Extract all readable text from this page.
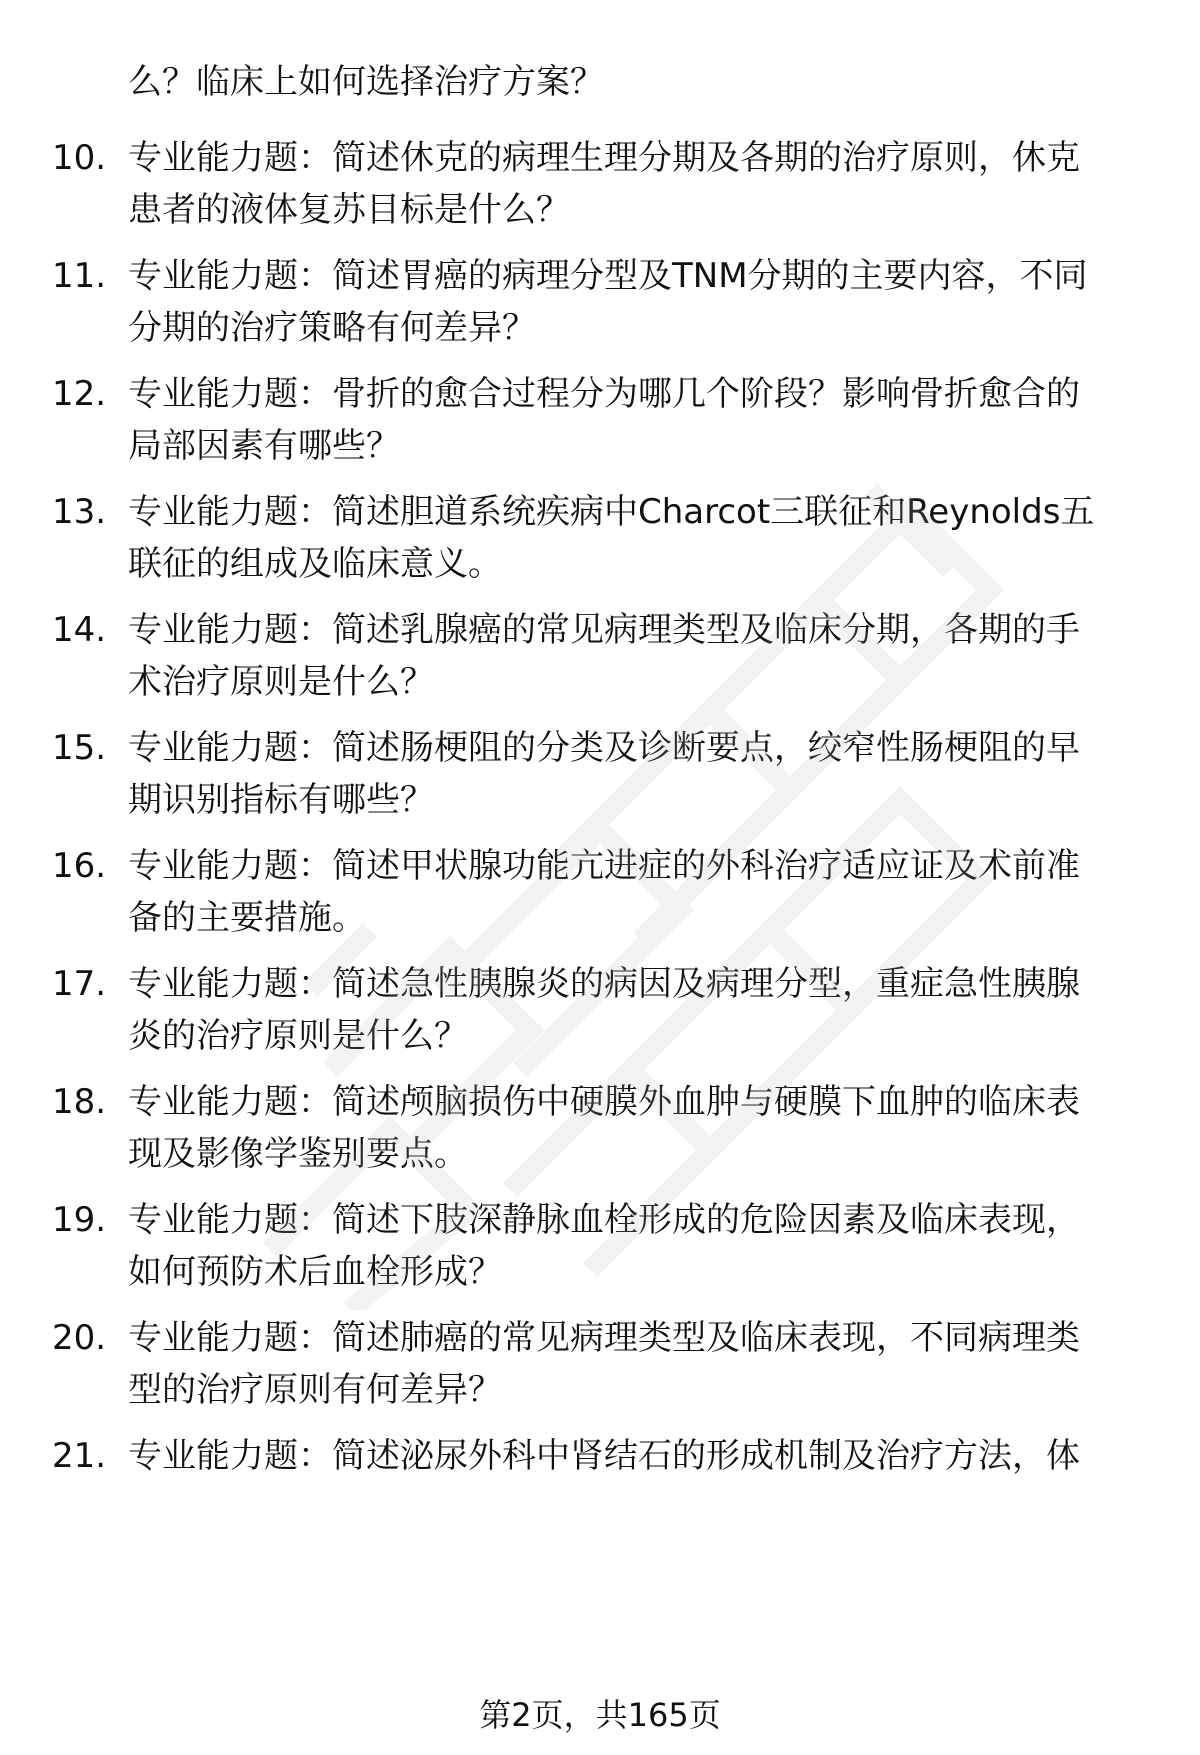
么？临床上如何选择治疗方案？
10. 专业能力题：简述休克的病理生理分期及各期的治疗原则，休克
患者的液体复苏目标是什么？
11. 专业能力题：简述胃癌的病理分型及TNM分期的主要内容，不同
分期的治疗策略有何差异？
12. 专业能力题：骨折的愈合过程分为哪几个阶段？影响骨折愈合的
局部因素有哪些？
13. 专业能力题：简述胆道系统疾病中Charcot三联征和Reynolds五
联征的组成及临床意义。
14. 专业能力题：简述乳腺癌的常见病理类型及临床分期，各期的手
术治疗原则是什么？
15. 专业能力题：简述肠梗阻的分类及诊断要点，绞窄性肠梗阻的早
期识别指标有哪些？
16. 专业能力题：简述甲状腺功能亢进症的外科治疗适应证及术前准
备的主要措施。
17. 专业能力题：简述急性胰腺炎的病因及病理分型，重症急性胰腺
炎的治疗原则是什么？
18. 专业能力题：简述颅脑损伤中硬膜外血肿与硬膜下血肿的临床表
现及影像学鉴别要点。
19. 专业能力题：简述下肢深静脉血栓形成的危险因素及临床表现，
如何预防术后血栓形成？
20. 专业能力题：简述肺癌的常见病理类型及临床表现，不同病理类
型的治疗原则有何差异？
21. 专业能力题：简述泌尿外科中肾结石的形成机制及治疗方法，体
第2页，共165页
